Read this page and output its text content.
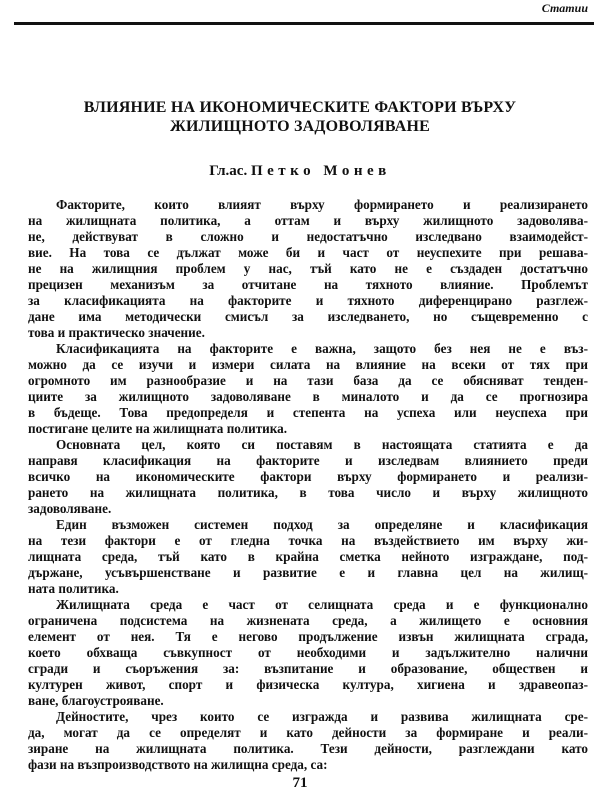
Статии
ВЛИЯНИЕ НА ИКОНОМИЧЕСКИТЕ ФАКТОРИ ВЪРХУ
ЖИЛИЩНОТО ЗАДОВОЛЯВАНЕ
Гл.ас. Петко Монев

Факторите, които влияят върху формирането и реализирането
на жилищната политика, а оттам и върху жилищното задоволява-
не, действуват в сложно и недостатъчно изследвано взаимодейст-
вие. На това се дължат може би и част от неуспехите при решава-
не на жилищния проблем у нас, тъй като не е създаден достатъчно
прецизен механизъм за отчитане на тяхното влияние. Проблемът
за класификацията на факторите и тяхното диференцирано разглеж-
дане има методически смисъл за изследването, но същевременно с
това и практическо значение.

Класификацията на факторите е важна, защото без нея не е въз-
можно да се изучи и измери силата на влияние на всеки от тях при
огромното им разнообразие и на тази база да се обясняват тенден-
циите за жилищното задоволяване в миналото и да се прогнозира
в бъдеще. Това предопределя и степента на успеха или неуспеха при
постигане целите на жилищната политика.

Основната цел, която си поставям в настоящата статията е да
направя класификация на факторите и изследвам влиянието преди
всичко на икономическите фактори върху формирането и реализи-
рането на жилищната политика, в това число и върху жилищното
задоволяване.

Един възможен системен подход за определяне и класификация
на тези фактори е от гледна точка на въздействието им върху жи-
лищната среда, тъй като в крайна сметка нейното изграждане, под-
държане, усъвършенстване и развитие е и главна цел на жилищ-
ната политика.

Жилищната среда е част от селищната среда и е функционално
ограничена подсистема на жизнената среда, а жилището е основния
елемент от нея. Тя е негово продължение извън жилищната сграда,
което обхваща съвкупност от необходими и задължително налични
сгради и съоръжения за: възпитание и образование, обществен и
културен живот, спорт и физическа култура, хигиена и здравеопаз-
ване, благоустрояване.

Дейностите, чрез които се изгражда и развива жилищната сре-
да, могат да се определят и като дейности за формиране и реали-
зиране на жилищната политика. Тези дейности, разглеждани като
фази на възпроизводството на жилищна среда, са:

71
